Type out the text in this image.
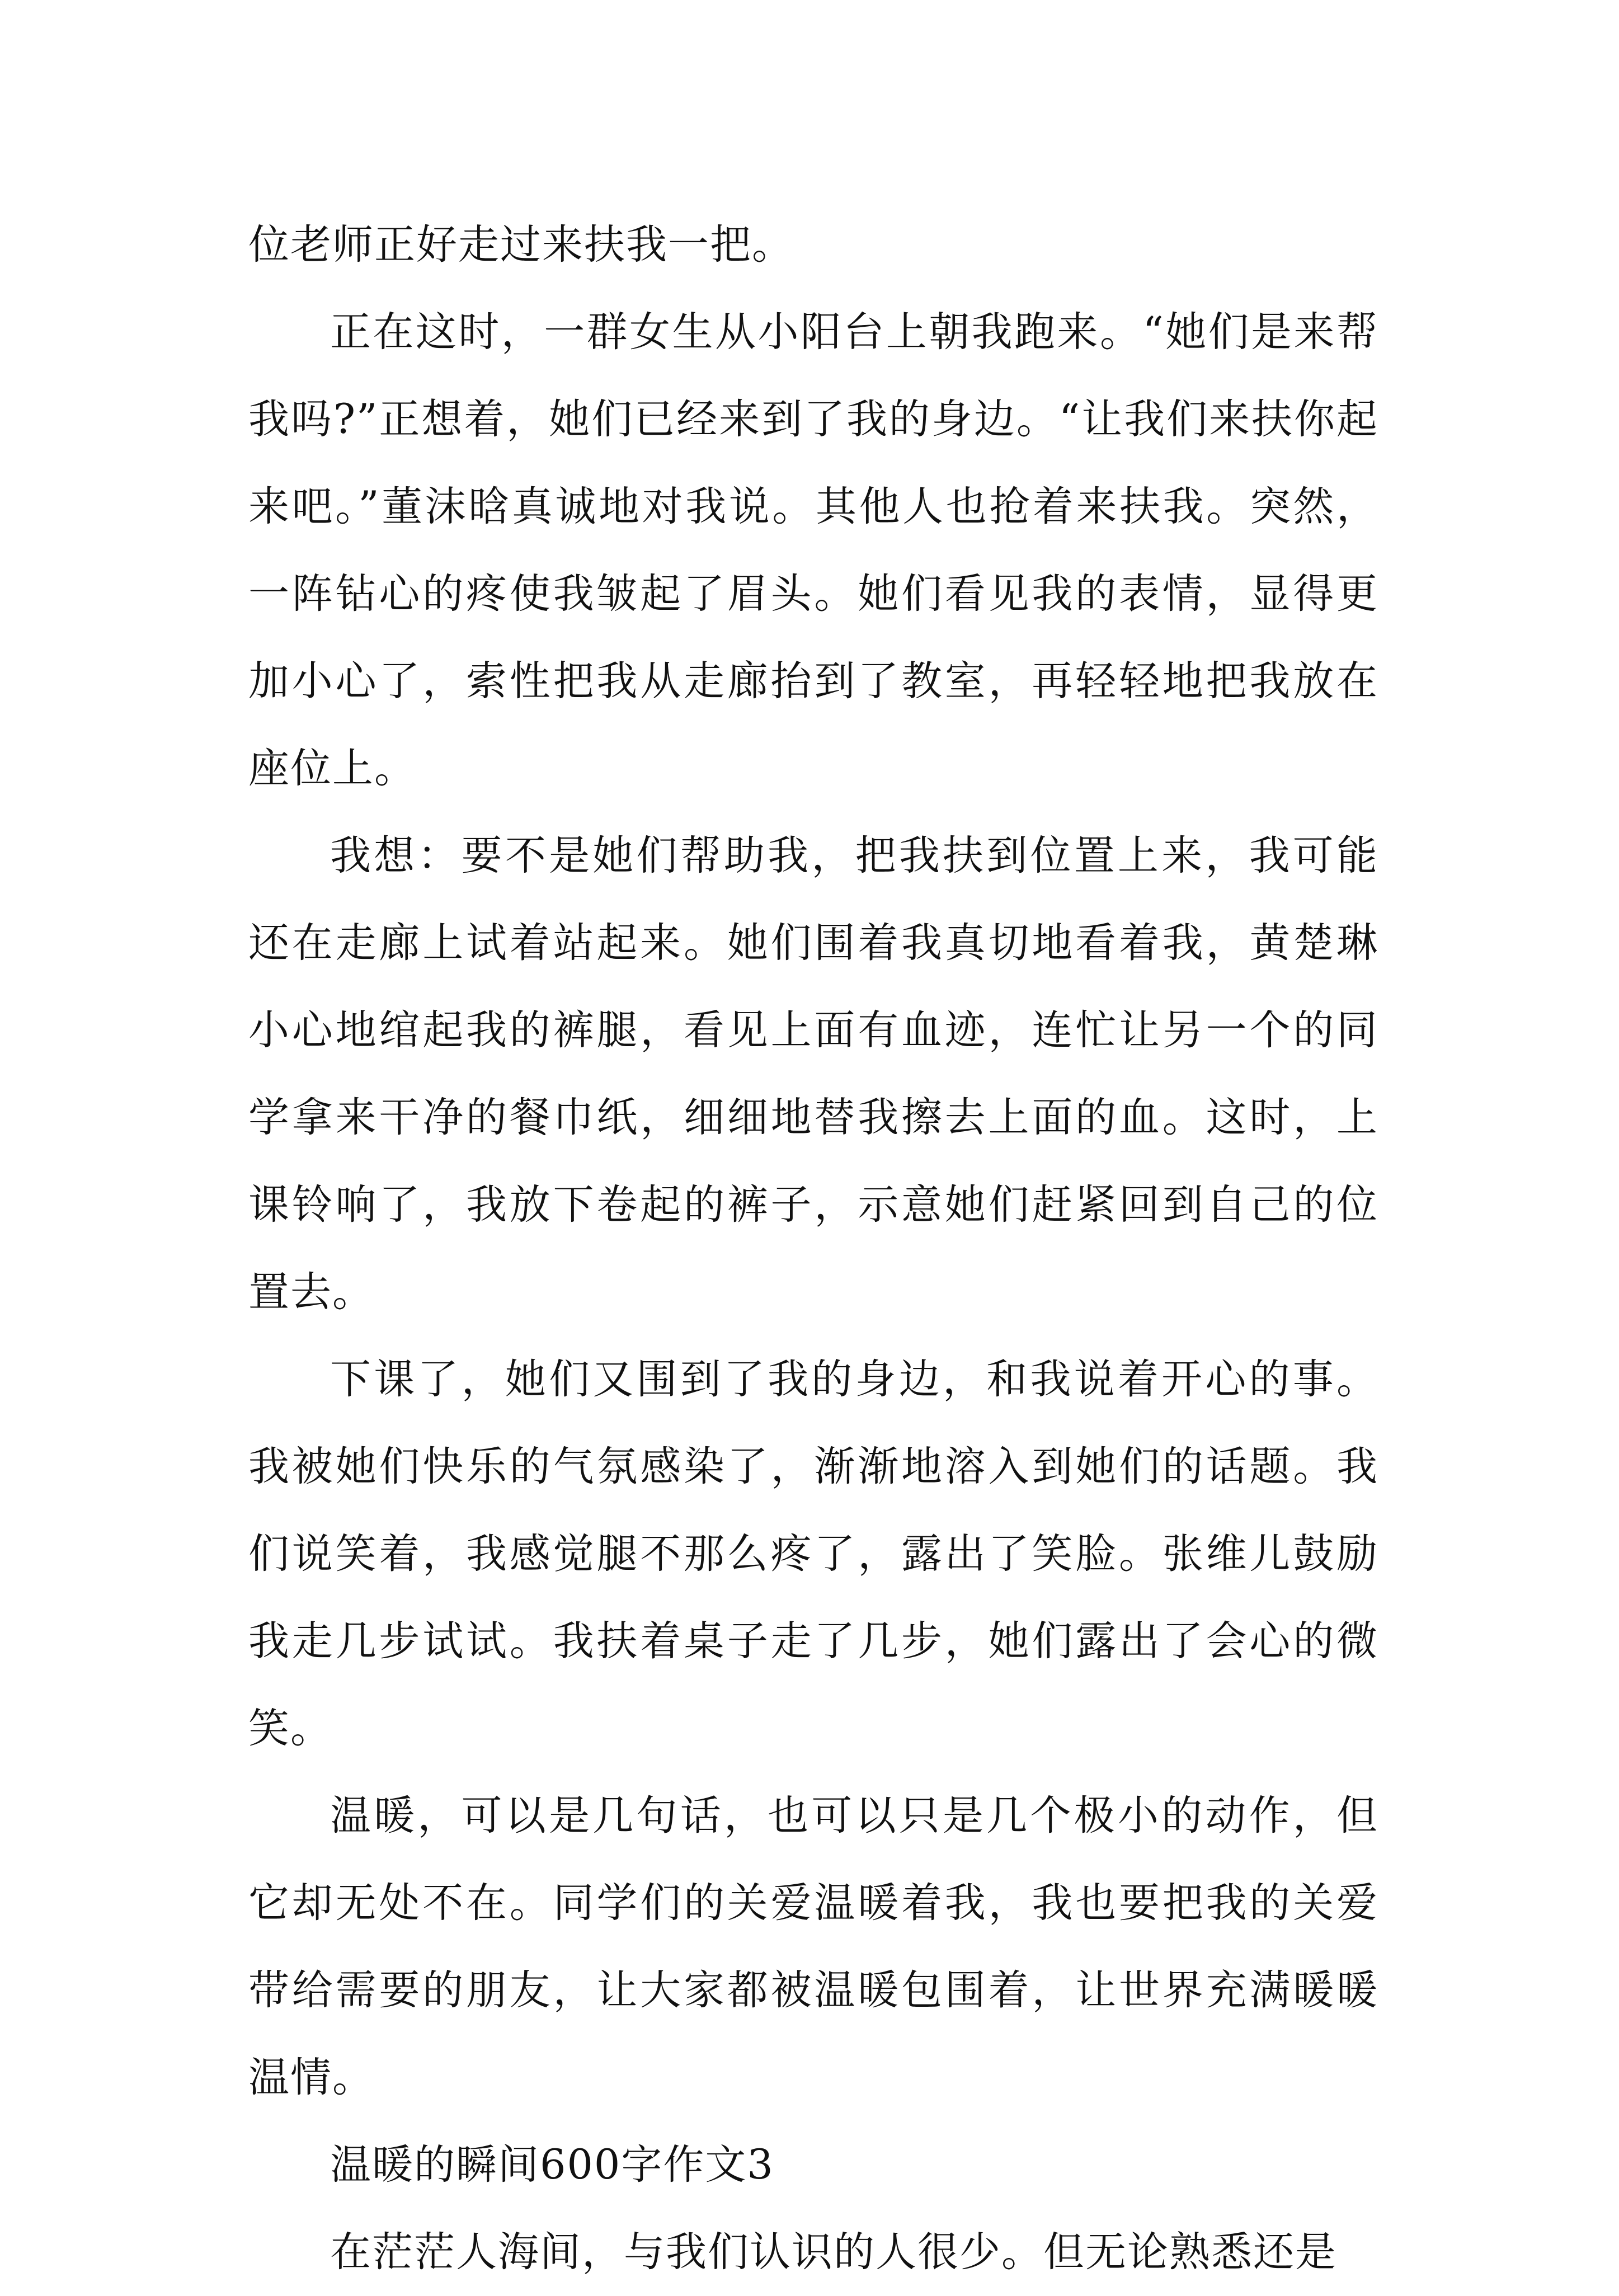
位老师正好走过来扶我一把。

正在这时，一群女生从小阳台上朝我跑来。“她们是来帮我吗?”正想着，她们已经来到了我的身边。“让我们来扶你起来吧。”董沫晗真诚地对我说。其他人也抢着来扶我。突然，一阵钻心的疼使我皱起了眉头。她们看见我的表情，显得更加小心了，索性把我从走廊抬到了教室，再轻轻地把我放在座位上。

我想：要不是她们帮助我，把我扶到位置上来，我可能还在走廊上试着站起来。她们围着我真切地看着我，黄楚琳小心地绾起我的裤腿，看见上面有血迹，连忙让另一个的同学拿来干净的餐巾纸，细细地替我擦去上面的血。这时，上课铃响了，我放下卷起的裤子，示意她们赶紧回到自己的位置去。

下课了，她们又围到了我的身边，和我说着开心的事。我被她们快乐的气氛感染了，渐渐地溶入到她们的话题。我们说笑着，我感觉腿不那么疼了，露出了笑脸。张维儿鼓励我走几步试试。我扶着桌子走了几步，她们露出了会心的微笑。

温暖，可以是几句话，也可以只是几个极小的动作，但它却无处不在。同学们的关爱温暖着我，我也要把我的关爱带给需要的朋友，让大家都被温暖包围着，让世界充满暖暖温情。

温暖的瞬间600字作文3

在茫茫人海间，与我们认识的人很少。但无论熟悉还是
